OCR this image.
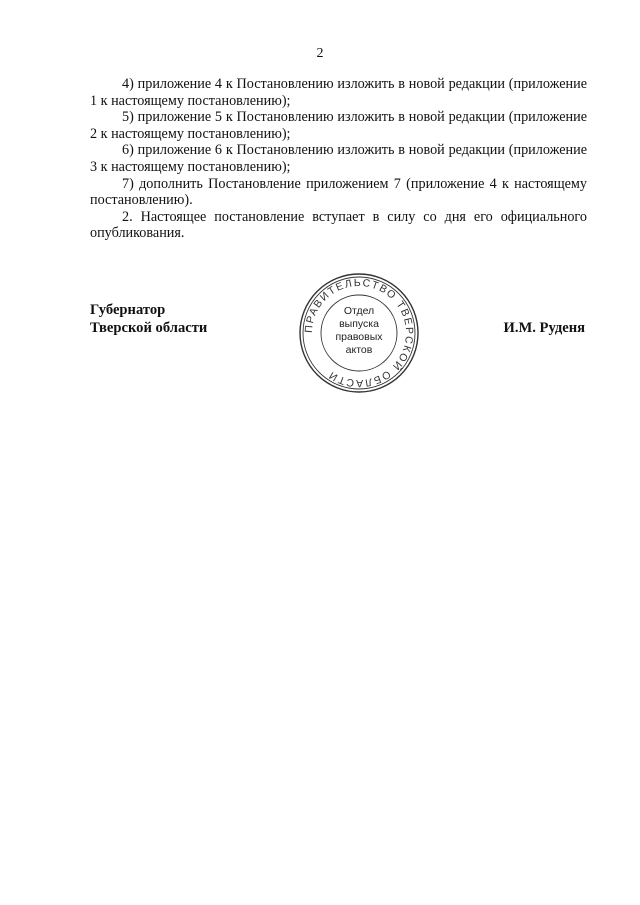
2

4) приложение 4 к Постановлению изложить в новой редакции (приложение 1 к настоящему постановлению);

5) приложение 5 к Постановлению изложить в новой редакции (приложение 2 к настоящему постановлению);

6) приложение 6 к Постановлению изложить в новой редакции (приложение 3 к настоящему постановлению);

7) дополнить Постановление приложением 7 (приложение 4 к настоящему постановлению).

2. Настоящее постановление вступает в силу со дня его официального опубликования.

Губернатор
Тверской области	И.М. Руденя
ПРАВИТЕЛЬСТВО ТВЕРСКОЙ ОБЛАСТИ
Отдел
выпуска
правовых
актов
